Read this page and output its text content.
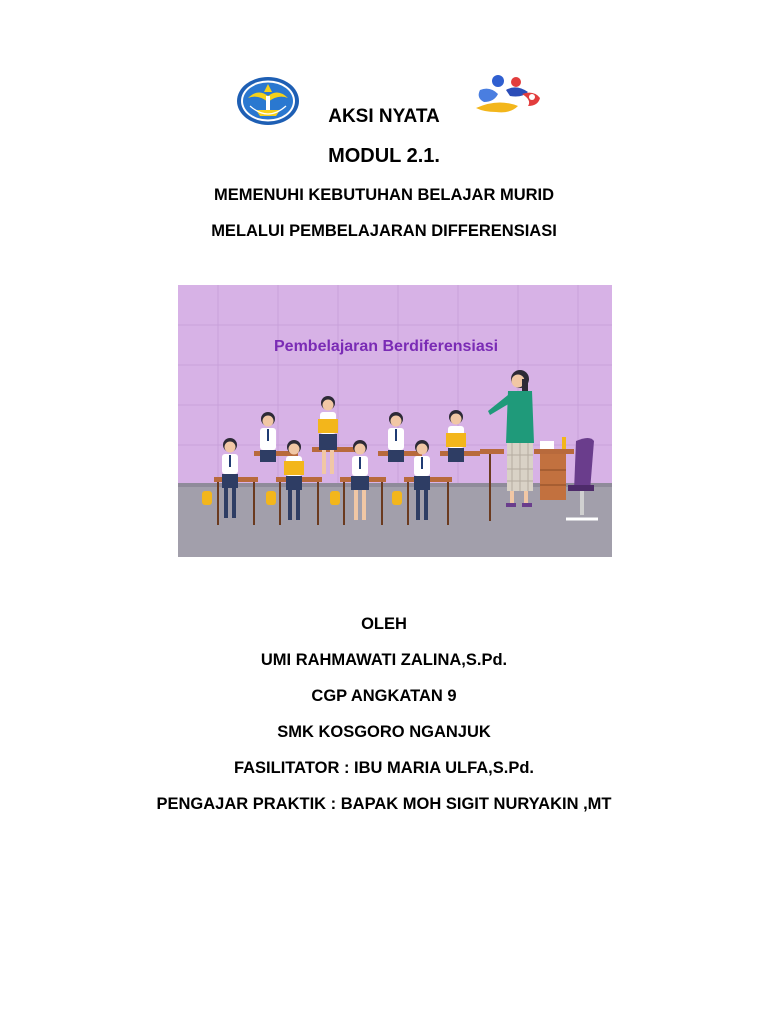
AKSI NYATA
MODUL 2.1.
MEMENUHI KEBUTUHAN BELAJAR MURID
MELALUI PEMBELAJARAN DIFFERENSIASI
Pembelajaran Berdiferensiasi
OLEH
UMI RAHMAWATI ZALINA,S.Pd.
CGP ANGKATAN 9
SMK KOSGORO NGANJUK
FASILITATOR : IBU MARIA ULFA,S.Pd.
PENGAJAR PRAKTIK : BAPAK MOH SIGIT NURYAKIN ,MT
